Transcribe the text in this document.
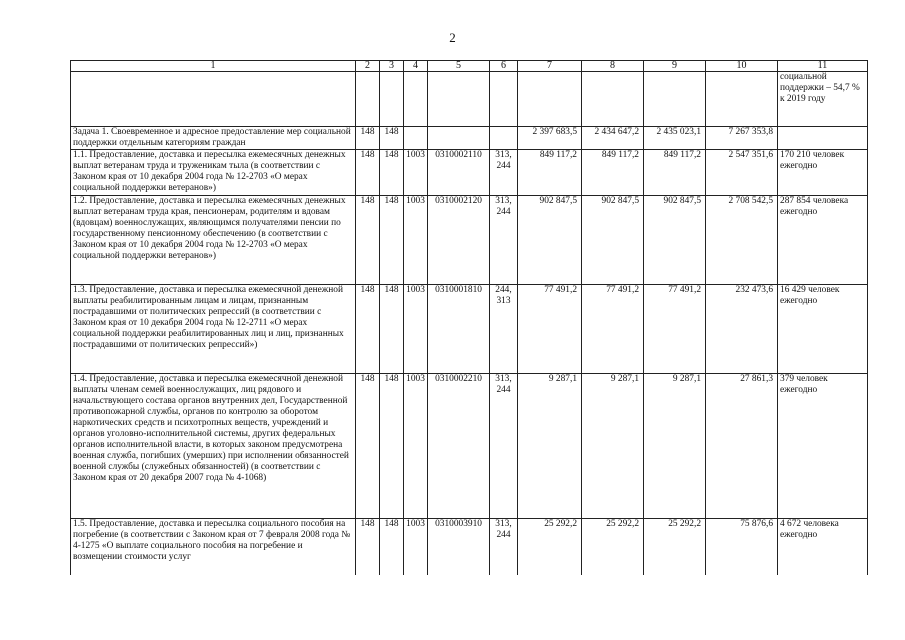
2
1	2	3	4	5	6	7	8	9	10	11
										социальной поддержки – 54,7 % к 2019 году
Задача 1. Своевременное и адресное предоставление мер социальной поддержки отдельным категориям граждан	148	148				2 397 683,5	2 434 647,2	2 435 023,1	7 267 353,8	
1.1. Предоставление, доставка и пересылка ежемесячных денежных выплат ветеранам труда и труженикам тыла (в соответствии с Законом края от 10 декабря 2004 года № 12-2703 «О мерах социальной поддержки ветеранов»)	148	148	1003	0310002110	313, 244	849 117,2	849 117,2	849 117,2	2 547 351,6	170 210 человек ежегодно
1.2. Предоставление, доставка и пересылка ежемесячных денежных выплат ветеранам труда края, пенсионерам, родителям и вдовам (вдовцам) военнослужащих, являющимся получателями пенсии по государственному пенсионному обеспечению (в соответствии с Законом края от 10 декабря 2004 года № 12-2703 «О мерах социальной поддержки ветеранов»)	148	148	1003	0310002120	313, 244	902 847,5	902 847,5	902 847,5	2 708 542,5	287 854 человека ежегодно
1.3. Предоставление, доставка и пересылка ежемесячной денежной выплаты реабилитированным лицам и лицам, признанным пострадавшими от политических репрессий (в соответствии с Законом края от 10 декабря 2004 года № 12-2711 «О мерах социальной поддержки реабилитированных лиц и лиц, признанных пострадавшими от политических репрессий»)	148	148	1003	0310001810	244, 313	77 491,2	77 491,2	77 491,2	232 473,6	16 429 человек ежегодно
1.4. Предоставление, доставка и пересылка ежемесячной денежной выплаты членам семей военнослужащих, лиц рядового и начальствующего состава органов внутренних дел, Государственной противопожарной службы, органов по контролю за оборотом наркотических средств и психотропных веществ, учреждений и органов уголовно-исполнительной системы, других федеральных органов исполнительной власти, в которых законом предусмотрена военная служба, погибших (умерших) при исполнении обязанностей военной службы (служебных обязанностей) (в соответствии с Законом края от 20 декабря 2007 года № 4-1068)	148	148	1003	0310002210	313, 244	9 287,1	9 287,1	9 287,1	27 861,3	379 человек ежегодно
1.5. Предоставление, доставка и пересылка социального пособия на погребение (в соответствии с Законом края от 7 февраля 2008 года № 4-1275 «О выплате социального пособия на погребение и возмещении стоимости услуг	148	148	1003	0310003910	313, 244	25 292,2	25 292,2	25 292,2	75 876,6	4 672 человека ежегодно
